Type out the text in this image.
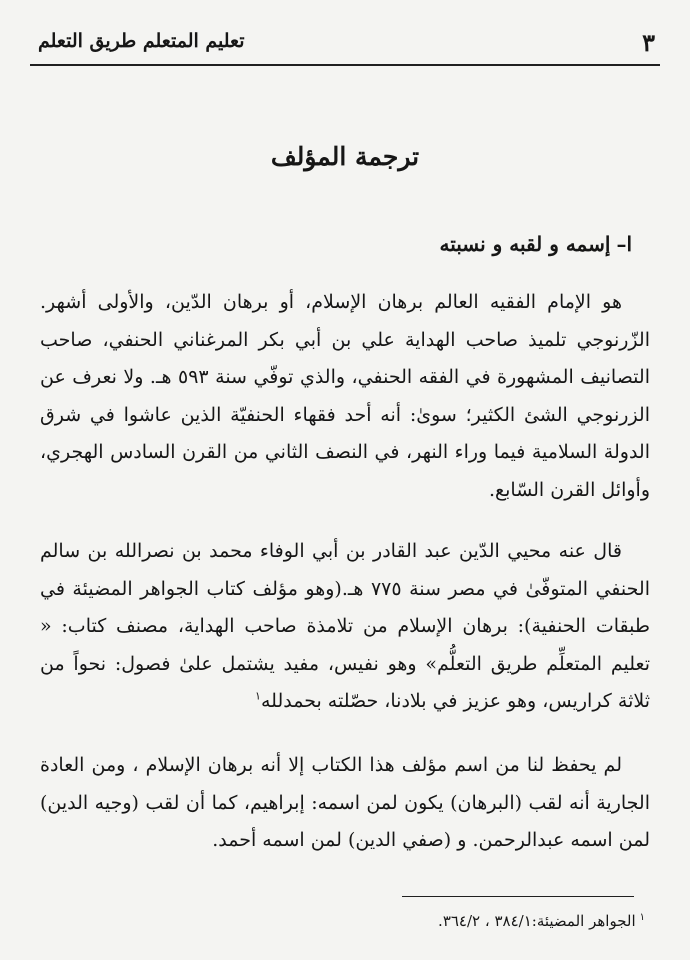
٣
تعليم المتعلم طريق التعلم
ترجمة المؤلف
ا–إسمه و لقبه و نسبته
هو الإمام الفقيه العالم برهان الإسلام، أو برهان الدّين، والأولى أشهر. الزّرنوجي تلميذ صاحب الهداية علي بن أبي بكر المرغناني الحنفي، صاحب التصانيف المشهورة في الفقه الحنفي، والذي توفّي سنة ٥٩٣ هـ. ولا نعرف عن الزرنوجي الشئ الكثير؛ سوىٰ: أنه أحد فقهاء الحنفيّة الذين عاشوا في شرق الدولة السلامية فيما وراء النهر، في النصف الثاني من القرن السادس الهجري، وأوائل القرن السّابع.
قال عنه محيي الدّين عبد القادر بن أبي الوفاء محمد بن نصرالله بن سالم الحنفي المتوفّىٰ في مصر سنة ٧٧٥ هـ.(وهو مؤلف كتاب الجواهر المضيئة في طبقات الحنفية): برهان الإسلام من تلامذة صاحب الهداية، مصنف كتاب: « تعليم المتعلِّم طريق التعلُّم» وهو نفيس، مفيد يشتمل علىٰ فصول: نحواً من ثلاثة كراريس، وهو عزيز في بلادنا، حصّلته بحمدلله$^١$
لم يحفظ لنا من اسم مؤلف هذا الكتاب إلا أنه برهان الإسلام ، ومن العادة الجارية أنه لقب (البرهان) يكون لمن اسمه: إبراهيم، كما أن لقب (وجيه الدين) لمن اسمه عبدالرحمن. و (صفي الدين) لمن اسمه أحمد.
$^١$الجواهر المضيئة:٣٨٤/١ ، ٣٦٤/٢.
